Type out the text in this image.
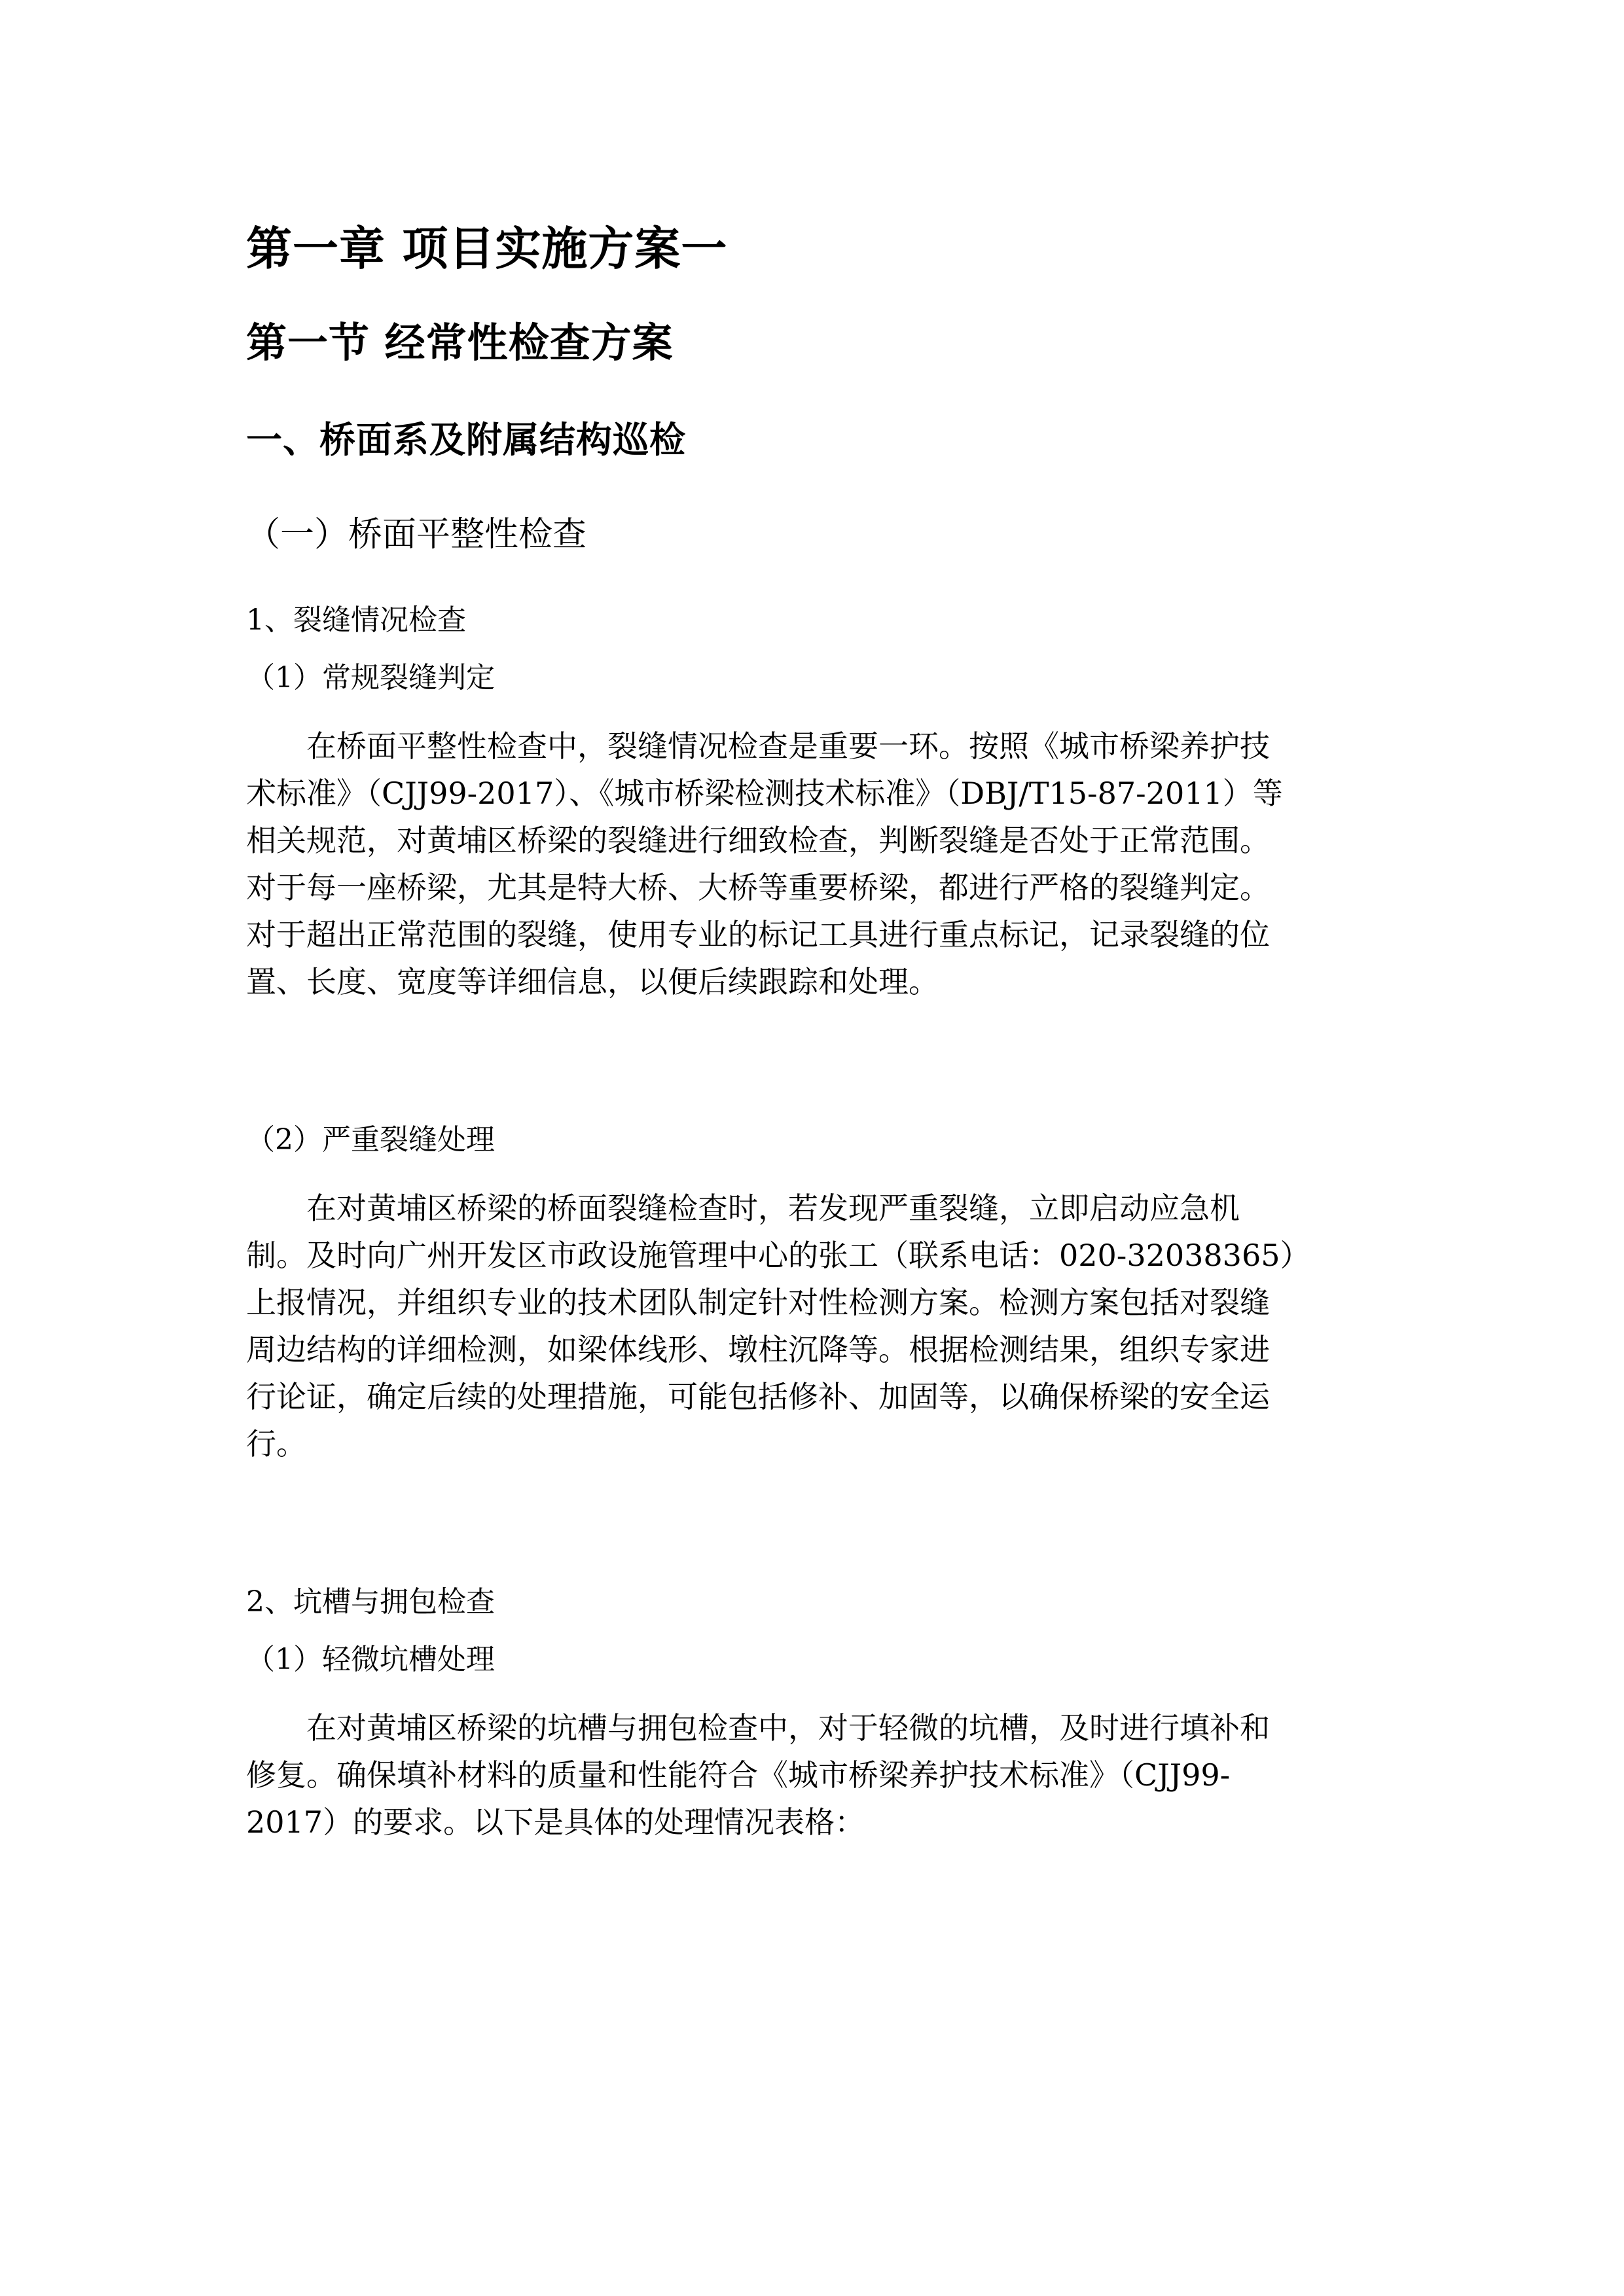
第一章 项目实施方案一
第一节 经常性检查方案
一、桥面系及附属结构巡检
（一）桥面平整性检查
1、裂缝情况检查
（1）常规裂缝判定
　　在桥面平整性检查中，裂缝情况检查是重要一环。按照《城市桥梁养护技
术标准》（CJJ99-2017）、《城市桥梁检测技术标准》（DBJ/T15-87-2011）等
相关规范，对黄埔区桥梁的裂缝进行细致检查，判断裂缝是否处于正常范围。
对于每一座桥梁，尤其是特大桥、大桥等重要桥梁，都进行严格的裂缝判定。
对于超出正常范围的裂缝，使用专业的标记工具进行重点标记，记录裂缝的位
置、长度、宽度等详细信息，以便后续跟踪和处理。
（2）严重裂缝处理
　　在对黄埔区桥梁的桥面裂缝检查时，若发现严重裂缝，立即启动应急机
制。及时向广州开发区市政设施管理中心的张工（联系电话：020-32038365）
上报情况，并组织专业的技术团队制定针对性检测方案。检测方案包括对裂缝
周边结构的详细检测，如梁体线形、墩柱沉降等。根据检测结果，组织专家进
行论证，确定后续的处理措施，可能包括修补、加固等，以确保桥梁的安全运
行。
2、坑槽与拥包检查
（1）轻微坑槽处理
　　在对黄埔区桥梁的坑槽与拥包检查中，对于轻微的坑槽，及时进行填补和
修复。确保填补材料的质量和性能符合《城市桥梁养护技术标准》（CJJ99-
2017）的要求。以下是具体的处理情况表格：
